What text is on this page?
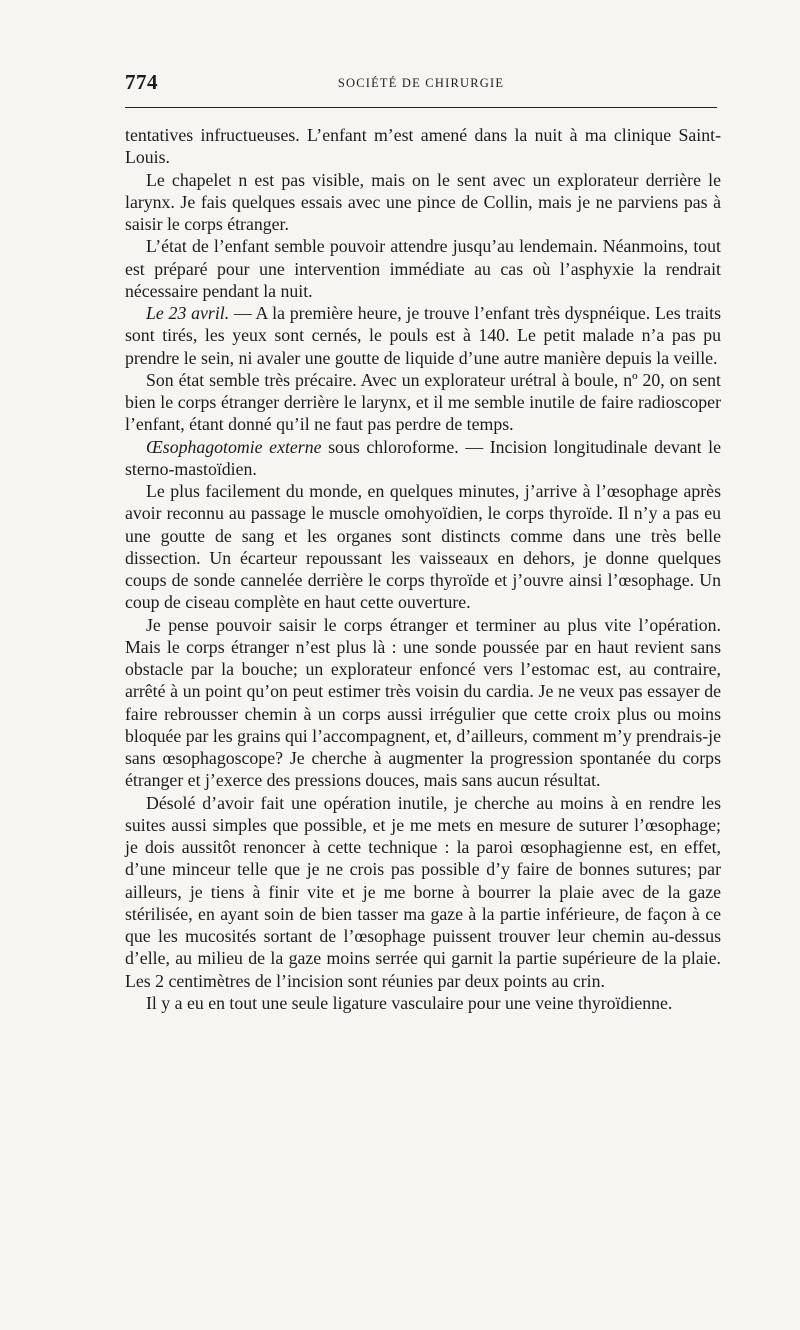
774	SOCIÉTÉ DE CHIRURGIE

tentatives infructueuses. L’enfant m’est amené dans la nuit à ma clinique Saint-Louis.

Le chapelet n est pas visible, mais on le sent avec un explorateur derrière le larynx. Je fais quelques essais avec une pince de Collin, mais je ne parviens pas à saisir le corps étranger.

L’état de l’enfant semble pouvoir attendre jusqu’au lendemain. Néanmoins, tout est préparé pour une intervention immédiate au cas où l’asphyxie la rendrait nécessaire pendant la nuit.

Le 23 avril. — A la première heure, je trouve l’enfant très dyspnéique. Les traits sont tirés, les yeux sont cernés, le pouls est à 140. Le petit malade n’a pas pu prendre le sein, ni avaler une goutte de liquide d’une autre manière depuis la veille.

Son état semble très précaire. Avec un explorateur urétral à boule, nº 20, on sent bien le corps étranger derrière le larynx, et il me semble inutile de faire radioscoper l’enfant, étant donné qu’il ne faut pas perdre de temps.

Œsophagotomie externe sous chloroforme. — Incision longitudinale devant le sterno-mastoïdien.

Le plus facilement du monde, en quelques minutes, j’arrive à l’œsophage après avoir reconnu au passage le muscle omohyoïdien, le corps thyroïde. Il n’y a pas eu une goutte de sang et les organes sont distincts comme dans une très belle dissection. Un écarteur repoussant les vaisseaux en dehors, je donne quelques coups de sonde cannelée derrière le corps thyroïde et j’ouvre ainsi l’œsophage. Un coup de ciseau complète en haut cette ouverture.

Je pense pouvoir saisir le corps étranger et terminer au plus vite l’opération. Mais le corps étranger n’est plus là : une sonde poussée par en haut revient sans obstacle par la bouche; un explorateur enfoncé vers l’estomac est, au contraire, arrêté à un point qu’on peut estimer très voisin du cardia. Je ne veux pas essayer de faire rebrousser chemin à un corps aussi irrégulier que cette croix plus ou moins bloquée par les grains qui l’accompagnent, et, d’ailleurs, comment m’y prendrais-je sans œsophagoscope? Je cherche à augmenter la progression spontanée du corps étranger et j’exerce des pressions douces, mais sans aucun résultat.

Désolé d’avoir fait une opération inutile, je cherche au moins à en rendre les suites aussi simples que possible, et je me mets en mesure de suturer l’œsophage; je dois aussitôt renoncer à cette technique : la paroi œsophagienne est, en effet, d’une minceur telle que je ne crois pas possible d’y faire de bonnes sutures; par ailleurs, je tiens à finir vite et je me borne à bourrer la plaie avec de la gaze stérilisée, en ayant soin de bien tasser ma gaze à la partie inférieure, de façon à ce que les mucosités sortant de l’œsophage puissent trouver leur chemin au-dessus d’elle, au milieu de la gaze moins serrée qui garnit la partie supérieure de la plaie. Les 2 centimètres de l’incision sont réunies par deux points au crin.

Il y a eu en tout une seule ligature vasculaire pour une veine thyroïdienne.
